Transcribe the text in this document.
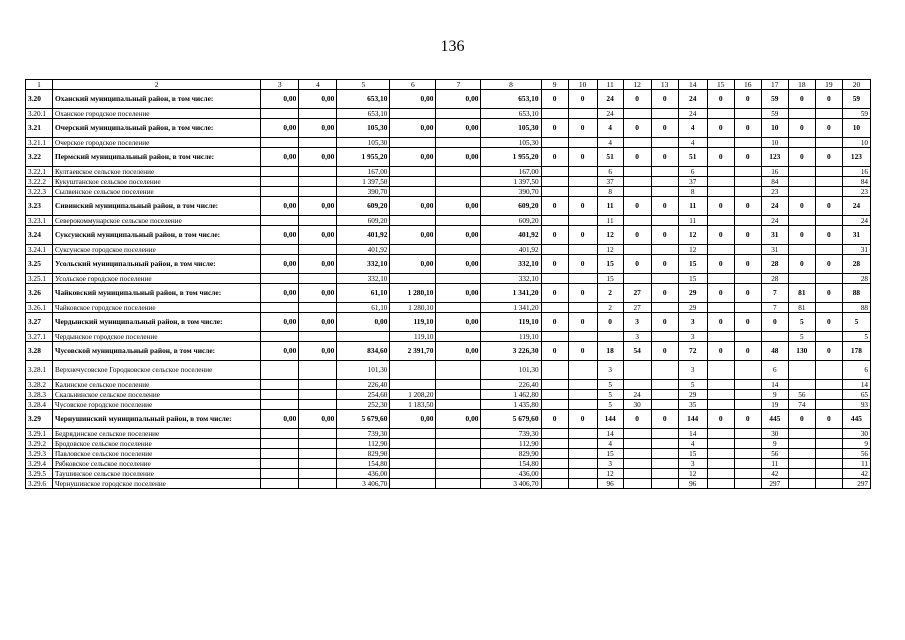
136
1	2	3	4	5	6	7	8	9	10	11	12	13	14	15	16	17	18	19	20
3.20	Оханский муниципальный район, в том числе:	0,00	0,00	653,10	0,00	0,00	653,10	0	0	24	0	0	24	0	0	59	0	0	59
3.20.1	Оханское городское поселение			653,10			653,10			24			24			59			59
3.21	Очерский муниципальный район, в том числе:	0,00	0,00	105,30	0,00	0,00	105,30	0	0	4	0	0	4	0	0	10	0	0	10
3.21.1	Очерское городское поселение			105,30			105,30			4			4			10			10
3.22	Пермский муниципальный район, в том числе:	0,00	0,00	1 955,20	0,00	0,00	1 955,20	0	0	51	0	0	51	0	0	123	0	0	123
3.22.1	Култаевское сельское поселение			167,00			167,00			6			6			16			16
3.22.2	Кукуштанское сельское поселение			1 397,50			1 397,50			37			37			84			84
3.22.3	Сылвенское сельское поселение			390,70			390,70			8			8			23			23
3.23	Сивинский муниципальный район, в том числе:	0,00	0,00	609,20	0,00	0,00	609,20	0	0	11	0	0	11	0	0	24	0	0	24
3.23.1	Северокоммунарское сельское поселение			609,20			609,20			11			11			24			24
3.24	Суксунский муниципальный район, в том числе:	0,00	0,00	401,92	0,00	0,00	401,92	0	0	12	0	0	12	0	0	31	0	0	31
3.24.1	Суксунское городское поселение			401,92			401,92			12			12			31			31
3.25	Усольский муниципальный район, в том числе:	0,00	0,00	332,10	0,00	0,00	332,10	0	0	15	0	0	15	0	0	28	0	0	28
3.25.1	Усольское городское поселение			332,10			332,10			15			15			28			28
3.26	Чайковский муниципальный район, в том числе:	0,00	0,00	61,10	1 280,10	0,00	1 341,20	0	0	2	27	0	29	0	0	7	81	0	88
3.26.1	Чайковское городское поселение			61,10	1 280,10		1 341,20			2	27		29			7	81		88
3.27	Чердынский муниципальный район, в том числе:	0,00	0,00	0,00	119,10	0,00	119,10	0	0	0	3	0	3	0	0	0	5	0	5
3.27.1	Чердынское городское поселение				119,10		119,10				3		3				5		5
3.28	Чусовской муниципальный район, в том числе:	0,00	0,00	834,60	2 391,70	0,00	3 226,30	0	0	18	54	0	72	0	0	48	130	0	178
3.28.1	Верхнечусовское Городковское сельское поселение			101,30			101,30			3			3			6			6
3.28.2	Калинское сельское поселение			226,40			226,40			5			5			14			14
3.28.3	Скальнинское сельское поселение			254,60	1 208,20		1 462,80			5	24		29			9	56		65
3.28.4	Чусовское городское поселение			252,30	1 183,50		1 435,80			5	30		35			19	74		93
3.29	Чернушинский муниципальный район, в том числе:	0,00	0,00	5 679,60	0,00	0,00	5 679,60	0	0	144	0	0	144	0	0	445	0	0	445
3.29.1	Бедрядинское сельское поселение			739,30			739,30			14			14			30			30
3.29.2	Бродовское сельское поселение			112,90			112,90			4			4			9			9
3.29.3	Павловское сельское поселение			829,90			829,90			15			15			56			56
3.29.4	Рябковское сельское поселение			154,80			154,80			3			3			11			11
3.29.5	Таушинское сельское поселение			436,00			436,00			12			12			42			42
3.29.6	Чернушинское городское поселение			3 406,70			3 406,70			96			96			297			297
